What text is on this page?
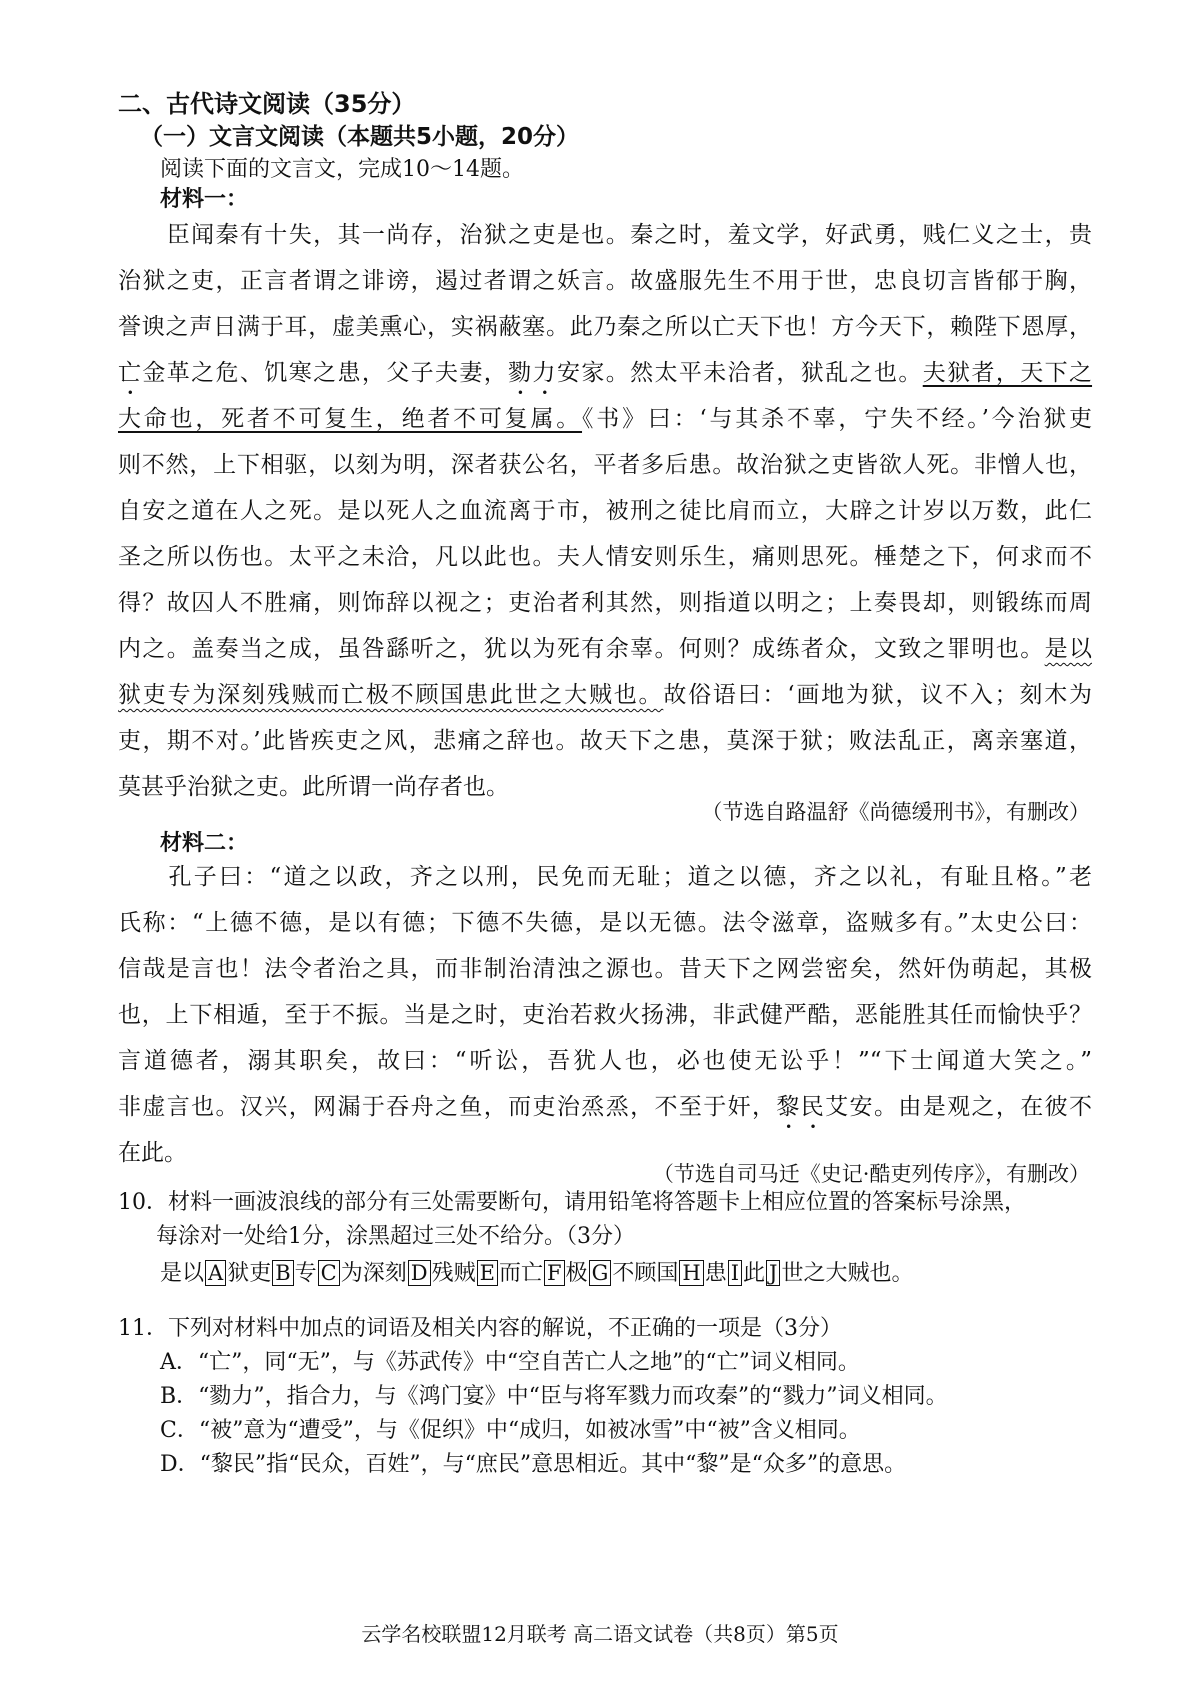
二、古代诗文阅读（35分）
（一）文言文阅读（本题共5小题，20分）
阅读下面的文言文，完成10～14题。
材料一：
　　臣闻秦有十失，其一尚存，治狱之吏是也。秦之时，羞文学，好武勇，贱仁义之士，贵
治狱之吏，正言者谓之诽谤，遏过者谓之妖言。故盛服先生不用于世，忠良切言皆郁于胸，
誉谀之声日满于耳，虚美熏心，实祸蔽塞。此乃秦之所以亡天下也！方今天下，赖陛下恩厚，
亡金革之危、饥寒之患，父子夫妻，勠力安家。然太平未洽者，狱乱之也。夫狱者，天下之
大命也，死者不可复生，绝者不可复属。《书》曰：‘与其杀不辜，宁失不经。’今治狱吏
则不然，上下相驱，以刻为明，深者获公名，平者多后患。故治狱之吏皆欲人死。非憎人也，
自安之道在人之死。是以死人之血流离于市，被刑之徒比肩而立，大辟之计岁以万数，此仁
圣之所以伤也。太平之未洽，凡以此也。夫人情安则乐生，痛则思死。棰楚之下，何求而不
得？故囚人不胜痛，则饰辞以视之；吏治者利其然，则指道以明之；上奏畏却，则锻练而周
内之。盖奏当之成，虽咎繇听之，犹以为死有余辜。何则？成练者众，文致之罪明也。是以
狱吏专为深刻残贼而亡极不顾国患此世之大贼也。故俗语曰：‘画地为狱，议不入；刻木为
吏，期不对。’此皆疾吏之风，悲痛之辞也。故天下之患，莫深于狱；败法乱正，离亲塞道，
莫甚乎治狱之吏。此所谓一尚存者也。
（节选自路温舒《尚德缓刑书》，有删改）
材料二：
　　孔子曰：“道之以政，齐之以刑，民免而无耻；道之以德，齐之以礼，有耻且格。”老
氏称：“上德不德，是以有德；下德不失德，是以无德。法令滋章，盗贼多有。”太史公曰：
信哉是言也！法令者治之具，而非制治清浊之源也。昔天下之网尝密矣，然奸伪萌起，其极
也，上下相遁，至于不振。当是之时，吏治若救火扬沸，非武健严酷，恶能胜其任而愉快乎？
言道德者，溺其职矣，故曰：“听讼，吾犹人也，必也使无讼乎！”“下士闻道大笑之。”
非虚言也。汉兴，网漏于吞舟之鱼，而吏治烝烝，不至于奸，黎民艾安。由是观之，在彼不
在此。
（节选自司马迁《史记·酷吏列传序》，有删改）
10．材料一画波浪线的部分有三处需要断句，请用铅笔将答题卡上相应位置的答案标号涂黑，
每涂对一处给1分，涂黑超过三处不给分。（3分）
是以 A 狱吏 B 专 C 为深刻 D 残贼 E 而亡 F 极 G 不顾国 H 患 I 此 J 世之大贼也。
11．下列对材料中加点的词语及相关内容的解说，不正确的一项是（3分）
A．“亡”，同“无”，与《苏武传》中“空自苦亡人之地”的“亡”词义相同。
B．“勠力”，指合力，与《鸿门宴》中“臣与将军戮力而攻秦”的“戮力”词义相同。
C．“被”意为“遭受”，与《促织》中“成归，如被冰雪”中“被”含义相同。
D．“黎民”指“民众，百姓”，与“庶民”意思相近。其中“黎”是“众多”的意思。
云学名校联盟12月联考 高二语文试卷（共8页）第5页
